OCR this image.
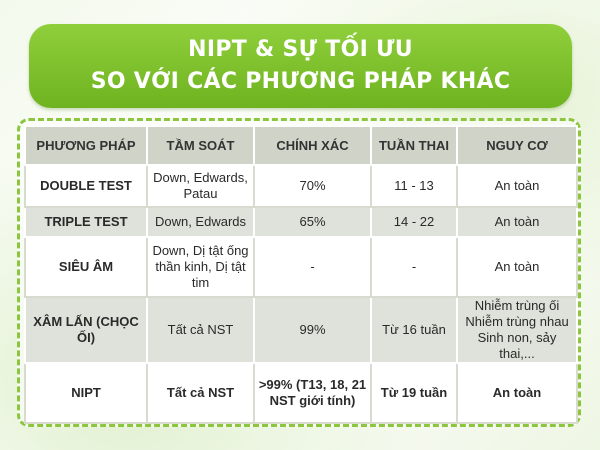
NIPT & SỰ TỐI ƯU
SO VỚI CÁC PHƯƠNG PHÁP KHÁC
PHƯƠNG PHÁP	TẦM SOÁT	CHÍNH XÁC	TUẦN THAI	NGUY CƠ
DOUBLE TEST	Down, Edwards, Patau	70%	11 - 13	An toàn
TRIPLE TEST	Down, Edwards	65%	14 - 22	An toàn
SIÊU ÂM	Down, Dị tật ống thần kinh, Dị tật tim	-	-	An toàn
XÂM LẤN (CHỌC ỐI)	Tất cả NST	99%	Từ 16 tuần	Nhiễm trùng ối Nhiễm trùng nhau Sinh non, sảy thai,...
NIPT	Tất cả NST	>99% (T13, 18, 21 NST giới tính)	Từ 19 tuần	An toàn
